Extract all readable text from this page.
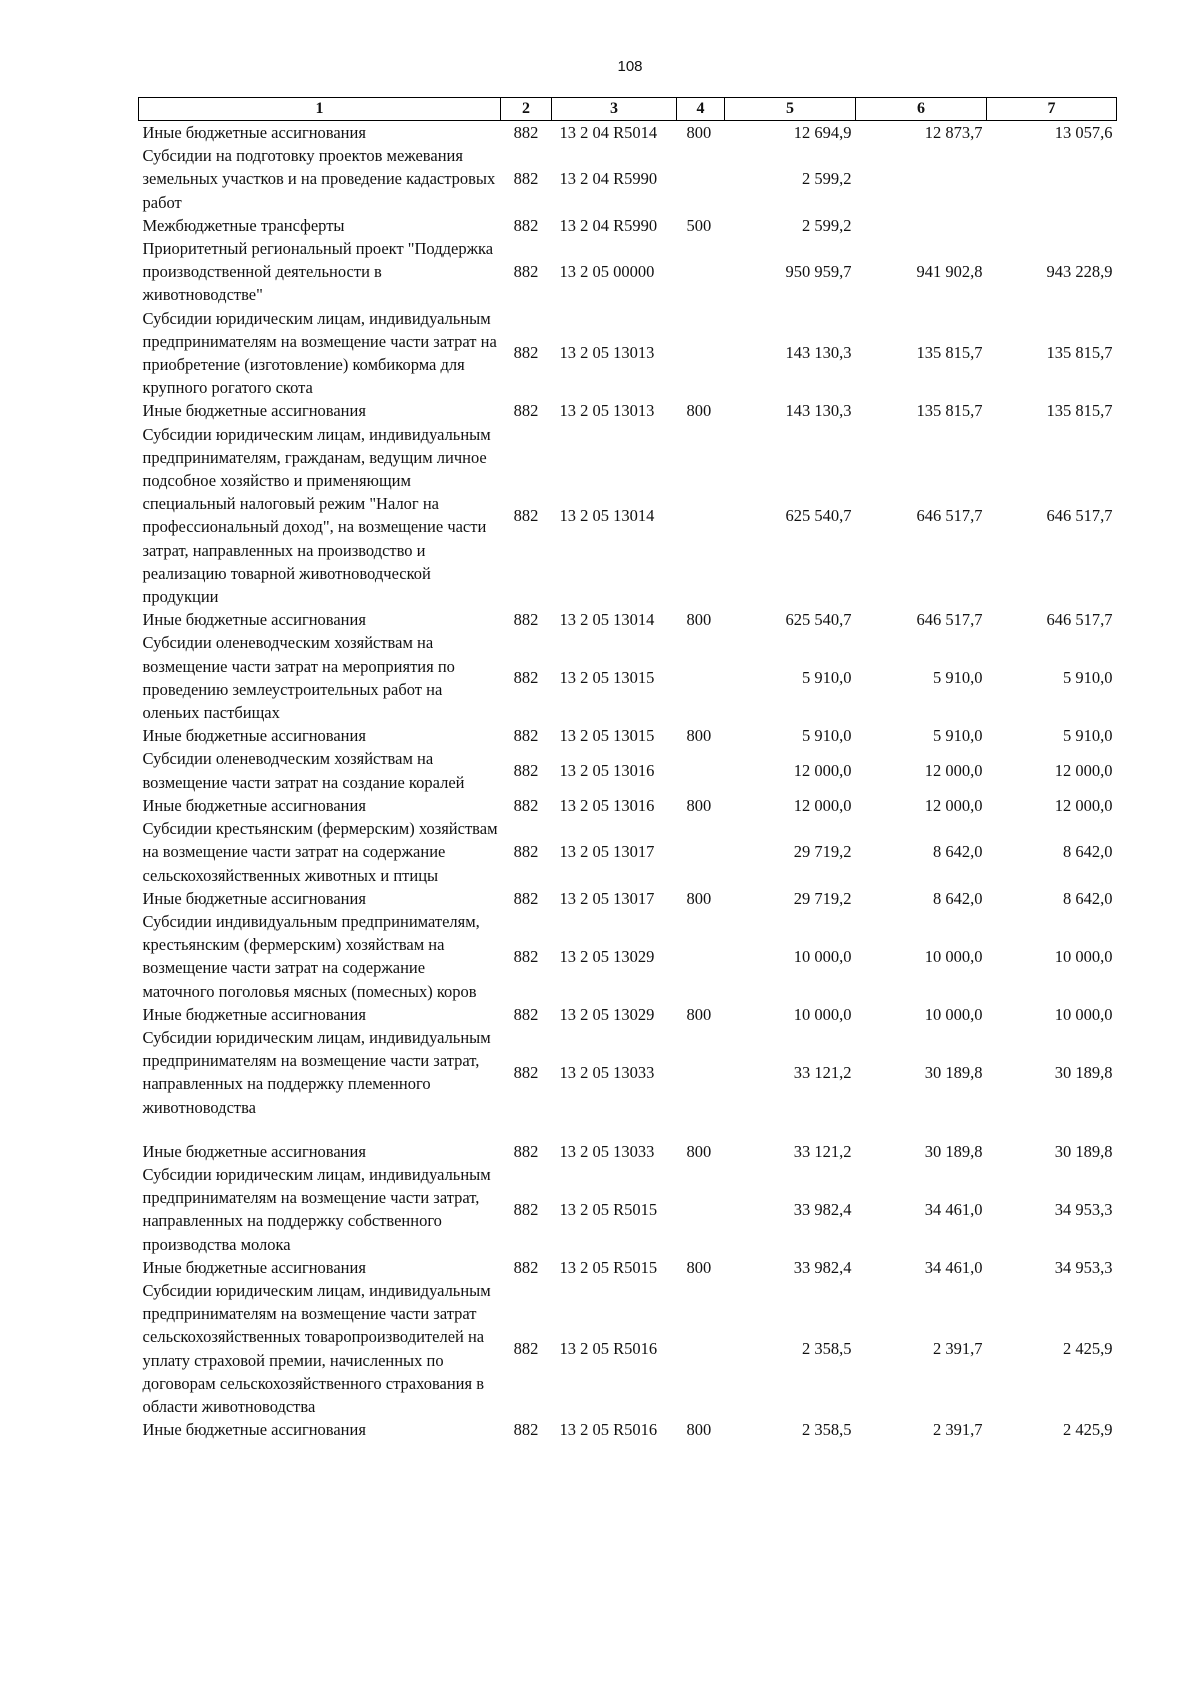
108
1	2	3	4	5	6	7
Иные бюджетные ассигнования	882	13 2 04 R5014	800	12 694,9	12 873,7	13 057,6
Субсидии на подготовку проектов межевания земельных участков и на проведение кадастровых работ	882	13 2 04 R5990		2 599,2		
Межбюджетные трансферты	882	13 2 04 R5990	500	2 599,2		
Приоритетный региональный проект "Поддержка производственной деятельности в животноводстве"	882	13 2 05 00000		950 959,7	941 902,8	943 228,9
Субсидии юридическим лицам, индивидуальным предпринимателям на возмещение части затрат на приобретение (изготовление) комбикорма для крупного рогатого скота	882	13 2 05 13013		143 130,3	135 815,7	135 815,7
Иные бюджетные ассигнования	882	13 2 05 13013	800	143 130,3	135 815,7	135 815,7
Субсидии юридическим лицам, индивидуальным предпринимателям, гражданам, ведущим личное подсобное хозяйство и применяющим специальный налоговый режим "Налог на профессиональный доход", на возмещение части затрат, направленных на производство и реализацию товарной животноводческой продукции	882	13 2 05 13014		625 540,7	646 517,7	646 517,7
Иные бюджетные ассигнования	882	13 2 05 13014	800	625 540,7	646 517,7	646 517,7
Субсидии оленеводческим хозяйствам на возмещение части затрат на мероприятия по проведению землеустроительных работ на оленьих пастбищах	882	13 2 05 13015		5 910,0	5 910,0	5 910,0
Иные бюджетные ассигнования	882	13 2 05 13015	800	5 910,0	5 910,0	5 910,0
Субсидии оленеводческим хозяйствам на возмещение части затрат на создание коралей	882	13 2 05 13016		12 000,0	12 000,0	12 000,0
Иные бюджетные ассигнования	882	13 2 05 13016	800	12 000,0	12 000,0	12 000,0
Субсидии крестьянским (фермерским) хозяйствам на возмещение части затрат на содержание сельскохозяйственных животных и птицы	882	13 2 05 13017		29 719,2	8 642,0	8 642,0
Иные бюджетные ассигнования	882	13 2 05 13017	800	29 719,2	8 642,0	8 642,0
Субсидии индивидуальным предпринимателям, крестьянским (фермерским) хозяйствам на возмещение части затрат на содержание маточного поголовья мясных (помесных) коров	882	13 2 05 13029		10 000,0	10 000,0	10 000,0
Иные бюджетные ассигнования	882	13 2 05 13029	800	10 000,0	10 000,0	10 000,0
Субсидии юридическим лицам, индивидуальным предпринимателям на возмещение части затрат, направленных на поддержку племенного животноводства	882	13 2 05 13033		33 121,2	30 189,8	30 189,8

Иные бюджетные ассигнования	882	13 2 05 13033	800	33 121,2	30 189,8	30 189,8
Субсидии юридическим лицам, индивидуальным предпринимателям на возмещение части затрат, направленных на поддержку собственного производства молока	882	13 2 05 R5015		33 982,4	34 461,0	34 953,3
Иные бюджетные ассигнования	882	13 2 05 R5015	800	33 982,4	34 461,0	34 953,3
Субсидии юридическим лицам, индивидуальным предпринимателям на возмещение части затрат сельскохозяйственных товаропроизводителей на уплату страховой премии, начисленных по договорам сельскохозяйственного страхования в области животноводства	882	13 2 05 R5016		2 358,5	2 391,7	2 425,9
Иные бюджетные ассигнования	882	13 2 05 R5016	800	2 358,5	2 391,7	2 425,9
